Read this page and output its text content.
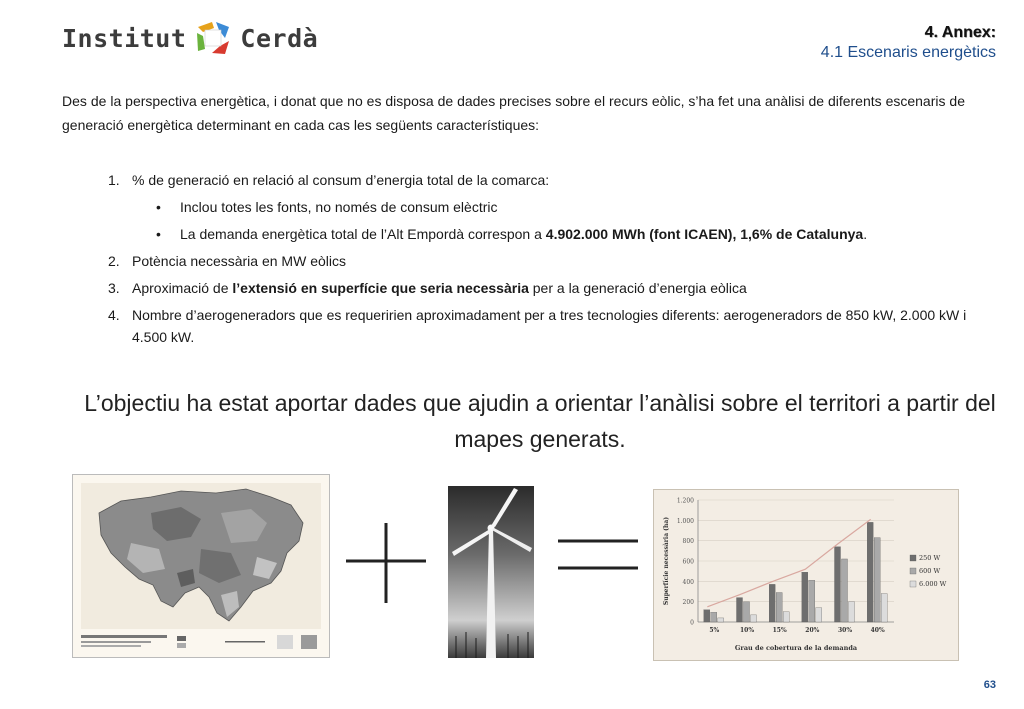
Institut Cerdà	4. Annex:
4.1 Escenaris energètics

Des de la perspectiva energètica, i donat que no es disposa de dades precises sobre el recurs eòlic, s’ha fet una anàlisi de diferents escenaris de generació energètica determinant en cada cas les següents característiques:

1. % de generació en relació al consum d’energia total de la comarca:
• Inclou totes les fonts, no només de consum elèctric
• La demanda energètica total de l’Alt Empordà correspon a 4.902.000 MWh (font ICAEN), 1,6% de Catalunya.
2. Potència necessària en MW eòlics
3. Aproximació de l’extensió en superfície que seria necessària per a la generació d’energia eòlica
4. Nombre d’aerogeneradors que es requeririen aproximadament per a tres tecnologies diferents: aerogeneradors de 850 kW, 2.000 kW i 4.500 kW.
L’objectiu ha estat aportar dades que ajudin a orientar l’anàlisi sobre el territori a partir del mapes generats.
1.200
1.000
800
600
400
200
0
5%	10%	15%	20%	30%	40%
Grau de cobertura de la demanda
Superfície necessària (ha)	250 W
600 W
6.000 W
63
